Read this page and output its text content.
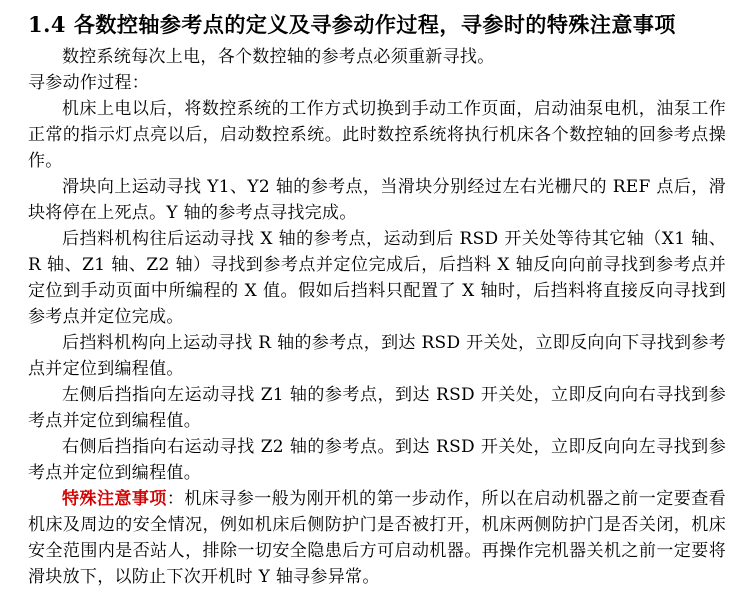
1.4 各数控轴参考点的定义及寻参动作过程，寻参时的特殊注意事项

数控系统每次上电，各个数控轴的参考点必须重新寻找。

寻参动作过程：

机床上电以后，将数控系统的工作方式切换到手动工作页面，启动油泵电机，油泵工作正常的指示灯点亮以后，启动数控系统。此时数控系统将执行机床各个数控轴的回参考点操作。

滑块向上运动寻找 Y1、Y2 轴的参考点，当滑块分别经过左右光栅尺的 REF 点后，滑块将停在上死点。Y 轴的参考点寻找完成。

后挡料机构往后运动寻找 X 轴的参考点，运动到后 RSD 开关处等待其它轴（X1 轴、R 轴、Z1 轴、Z2 轴）寻找到参考点并定位完成后，后挡料 X 轴反向向前寻找到参考点并定位到手动页面中所编程的 X 值。假如后挡料只配置了 X 轴时，后挡料将直接反向寻找到参考点并定位完成。

后挡料机构向上运动寻找 R 轴的参考点，到达 RSD 开关处，立即反向向下寻找到参考点并定位到编程值。

左侧后挡指向左运动寻找 Z1 轴的参考点，到达 RSD 开关处，立即反向向右寻找到参考点并定位到编程值。

右侧后挡指向右运动寻找 Z2 轴的参考点。到达 RSD 开关处，立即反向向左寻找到参考点并定位到编程值。

特殊注意事项：机床寻参一般为刚开机的第一步动作，所以在启动机器之前一定要查看机床及周边的安全情况，例如机床后侧防护门是否被打开，机床两侧防护门是否关闭，机床安全范围内是否站人，排除一切安全隐患后方可启动机器。再操作完机器关机之前一定要将滑块放下，以防止下次开机时 Y 轴寻参异常。
